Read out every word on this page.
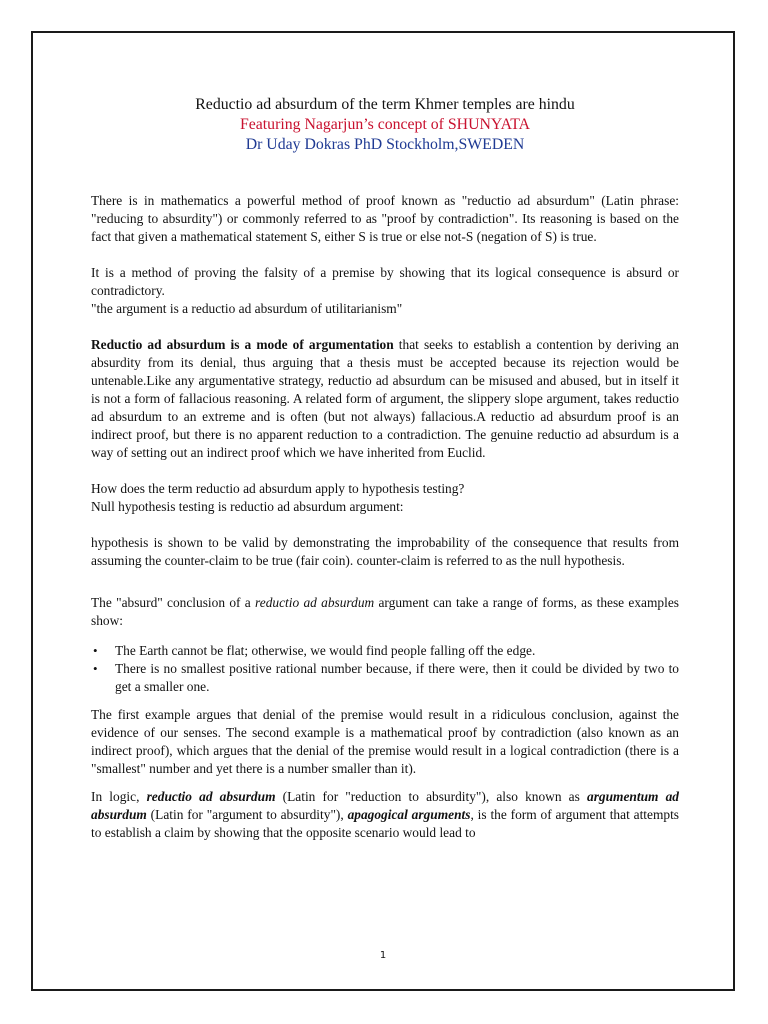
Reductio ad absurdum of the term Khmer temples are hindu
Featuring Nagarjun’s concept of SHUNYATA
Dr Uday Dokras PhD Stockholm,SWEDEN

There is in mathematics a powerful method of proof known as "reductio ad absurdum" (Latin phrase: "reducing to absurdity") or commonly referred to as "proof by contradiction". Its reasoning is based on the fact that given a mathematical statement S, either S is true or else not-S (negation of S) is true.

It is a method of proving the falsity of a premise by showing that its logical consequence is absurd or contradictory.

"the argument is a reductio ad absurdum of utilitarianism"

Reductio ad absurdum is a mode of argumentation that seeks to establish a contention by deriving an absurdity from its denial, thus arguing that a thesis must be accepted because its rejection would be untenable.Like any argumentative strategy, reductio ad absurdum can be misused and abused, but in itself it is not a form of fallacious reasoning. A related form of argument, the slippery slope argument, takes reductio ad absurdum to an extreme and is often (but not always) fallacious.A reductio ad absurdum proof is an indirect proof, but there is no apparent reduction to a contradiction. The genuine reductio ad absurdum is a way of setting out an indirect proof which we have inherited from Euclid.

How does the term reductio ad absurdum apply to hypothesis testing?

Null hypothesis testing is reductio ad absurdum argument:

hypothesis is shown to be valid by demonstrating the improbability of the consequence that results from assuming the counter-claim to be true (fair coin). counter-claim is referred to as the null hypothesis.

The "absurd" conclusion of a reductio ad absurdum argument can take a range of forms, as these examples show:

• The Earth cannot be flat; otherwise, we would find people falling off the edge.
• There is no smallest positive rational number because, if there were, then it could be divided by two to get a smaller one.

The first example argues that denial of the premise would result in a ridiculous conclusion, against the evidence of our senses. The second example is a mathematical proof by contradiction (also known as an indirect proof), which argues that the denial of the premise would result in a logical contradiction (there is a "smallest" number and yet there is a number smaller than it).

In logic, reductio ad absurdum (Latin for "reduction to absurdity"), also known as argumentum ad absurdum (Latin for "argument to absurdity"), apagogical arguments, is the form of argument that attempts to establish a claim by showing that the opposite scenario would lead to

1
